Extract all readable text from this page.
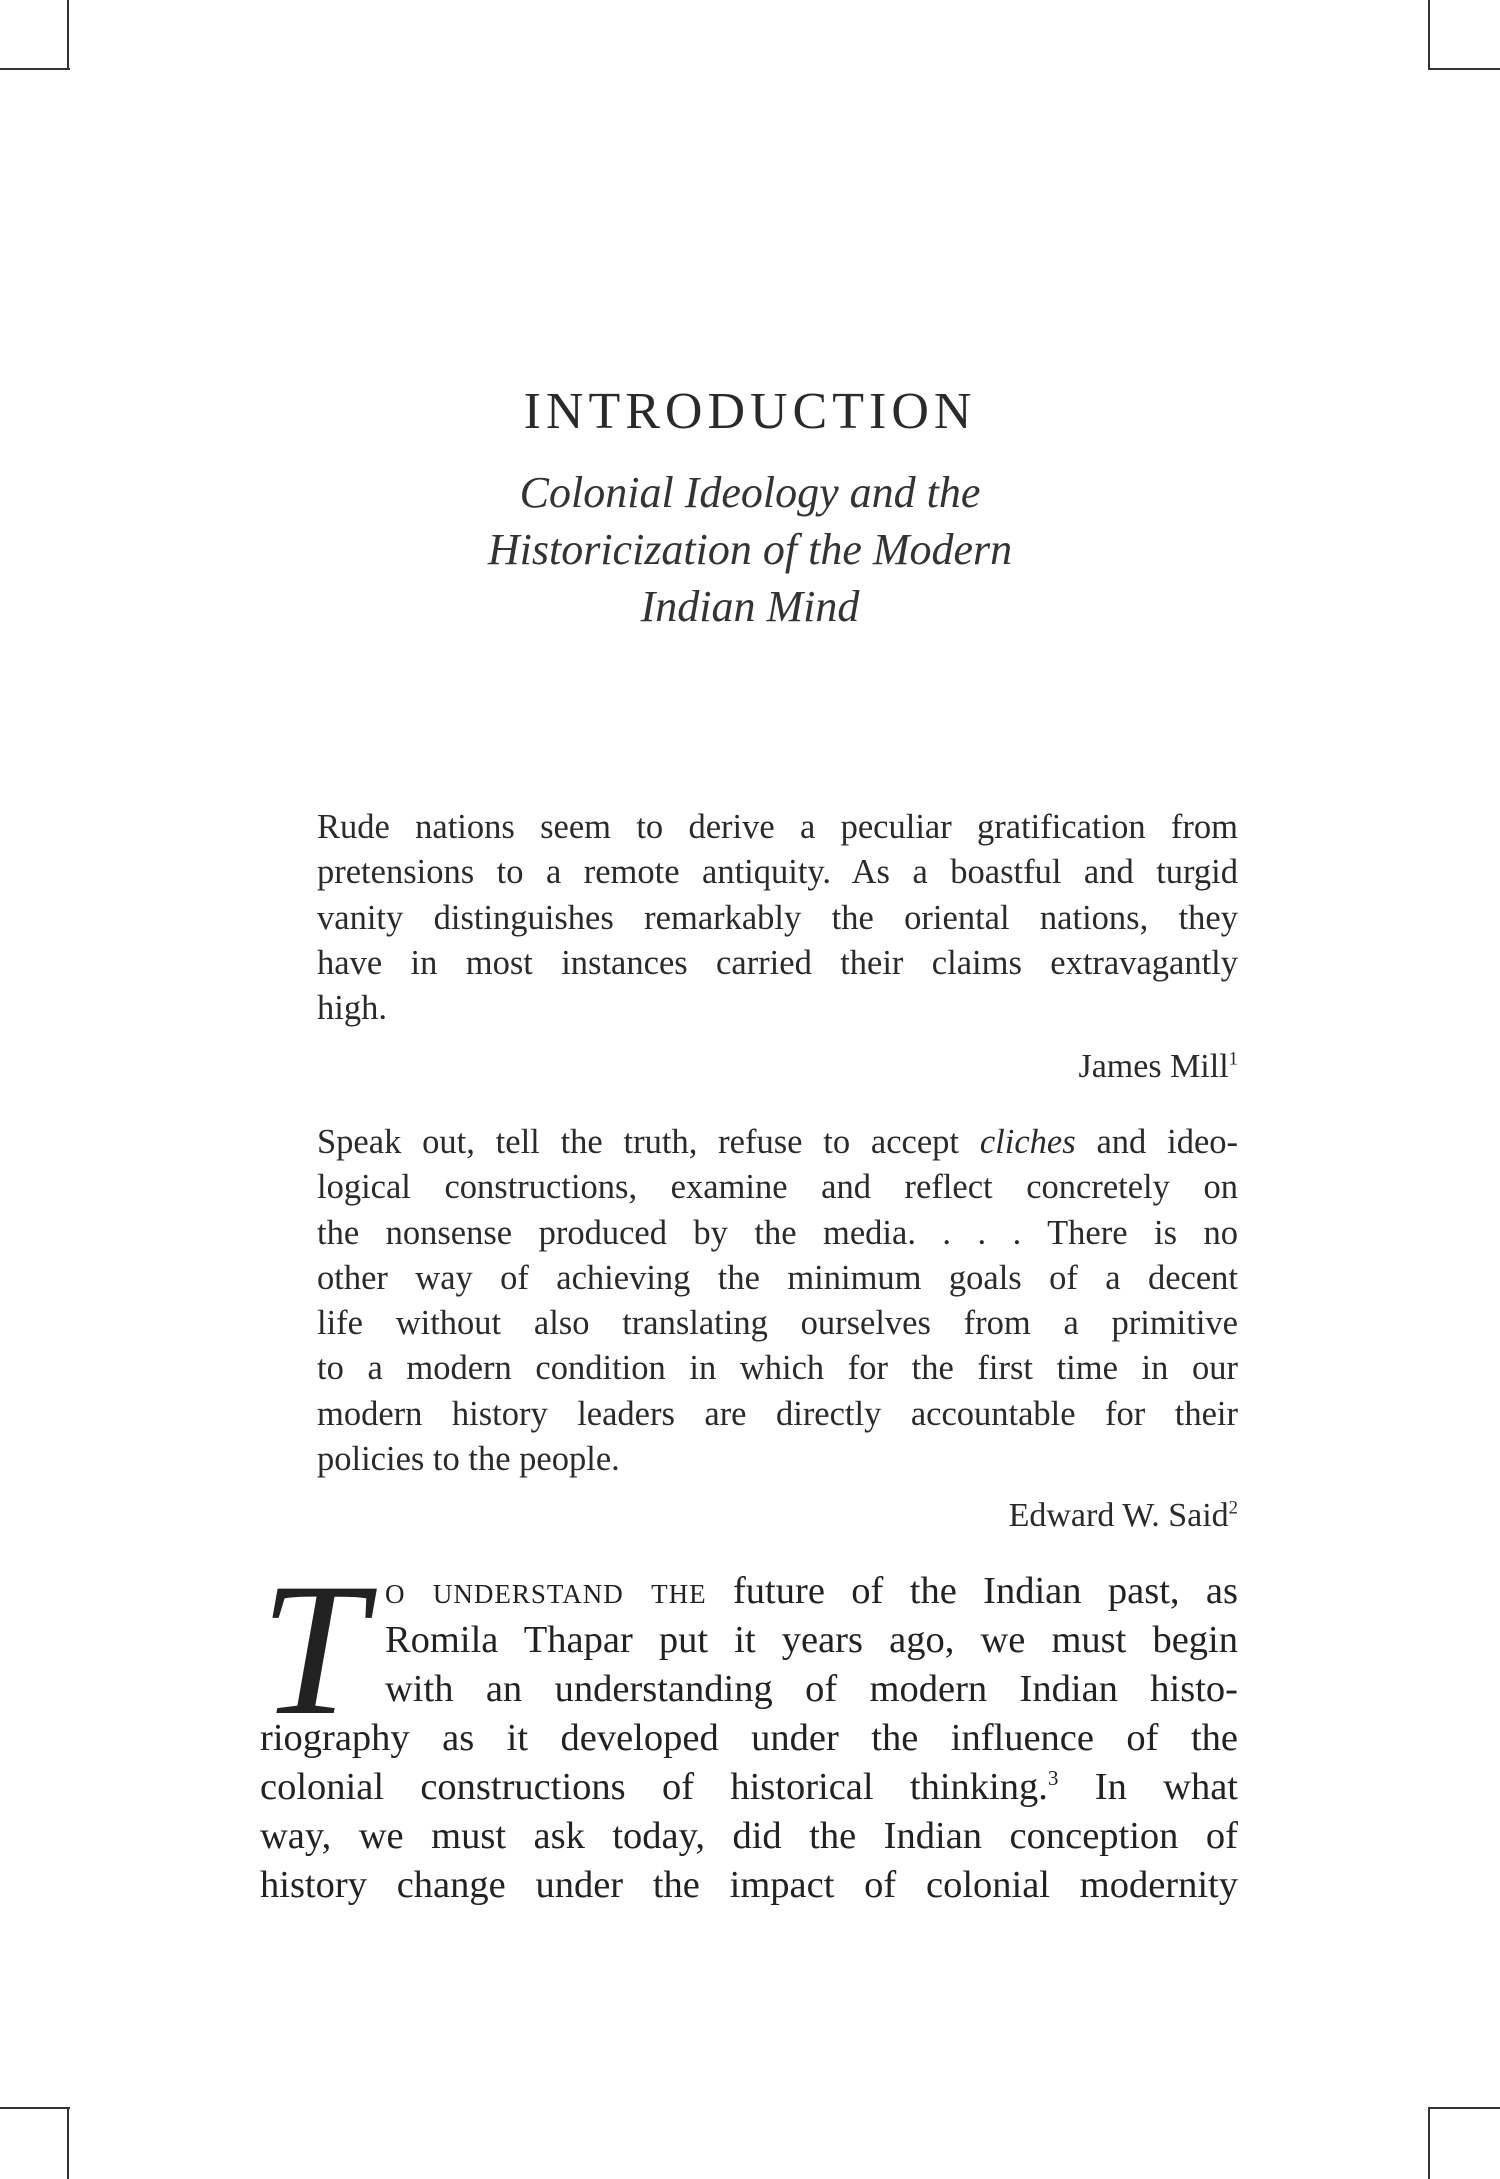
INTRODUCTION
Colonial Ideology and the
Historicization of the Modern
Indian Mind
Rude nations seem to derive a peculiar gratification from
pretensions to a remote antiquity. As a boastful and turgid
vanity distinguishes remarkably the oriental nations, they
have in most instances carried their claims extravagantly
high.
James Mill$^1$
Speak out, tell the truth, refuse to accept cliches and ideo-
logical constructions, examine and reflect concretely on
the nonsense produced by the media. . . . There is no
other way of achieving the minimum goals of a decent
life without also translating ourselves from a primitive
to a modern condition in which for the first time in our
modern history leaders are directly accountable for their
policies to the people.
Edward W. Said$^2$
T o understand the future of the Indian past, as
Romila Thapar put it years ago, we must begin
with an understanding of modern Indian histo-
riography as it developed under the influence of the
colonial constructions of historical thinking.$^3$ In what
way, we must ask today, did the Indian conception of
history change under the impact of colonial modernity
